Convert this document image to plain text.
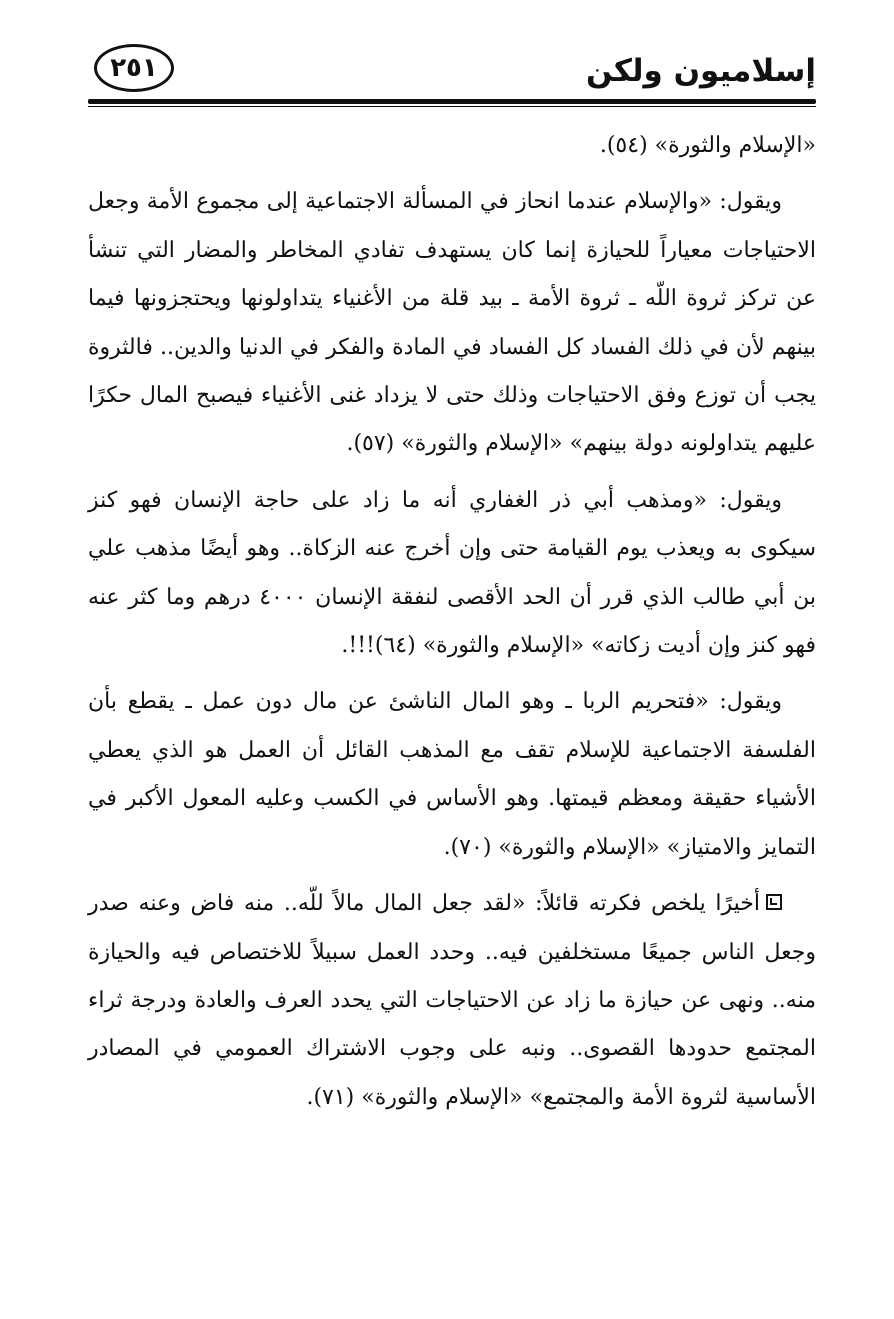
٢٥١	إسلاميون ولكن

«الإسلام والثورة» (٥٤).

ويقول: «والإسلام عندما انحاز في المسألة الاجتماعية إلى مجموع الأمة وجعل الاحتياجات معياراً للحيازة إنما كان يستهدف تفادي المخاطر والمضار التي تنشأ عن تركز ثروة اللّه ـ ثروة الأمة ـ بيد قلة من الأغنياء يتداولونها ويحتجزونها فيما بينهم لأن في ذلك الفساد كل الفساد في المادة والفكر في الدنيا والدين.. فالثروة يجب أن توزع وفق الاحتياجات وذلك حتى لا يزداد غنى الأغنياء فيصبح المال حكرًا عليهم يتداولونه دولة بينهم» «الإسلام والثورة» (٥٧).

ويقول: «ومذهب أبي ذر الغفاري أنه ما زاد على حاجة الإنسان فهو كنز سيكوى به ويعذب يوم القيامة حتى وإن أخرج عنه الزكاة.. وهو أيضًا مذهب علي بن أبي طالب الذي قرر أن الحد الأقصى لنفقة الإنسان ٤٠٠٠ درهم وما كثر عنه فهو كنز وإن أديت زكاته» «الإسلام والثورة» (٦٤)!!!.

ويقول: «فتحريم الربا ـ وهو المال الناشئ عن مال دون عمل ـ يقطع بأن الفلسفة الاجتماعية للإسلام تقف مع المذهب القائل أن العمل هو الذي يعطي الأشياء حقيقة ومعظم قيمتها. وهو الأساس في الكسب وعليه المعول الأكبر في التمايز والامتياز» «الإسلام والثورة» (٧٠).

أخيرًا يلخص فكرته قائلاً: «لقد جعل المال مالاً للّه.. منه فاض وعنه صدر وجعل الناس جميعًا مستخلفين فيه.. وحدد العمل سبيلاً للاختصاص فيه والحيازة منه.. ونهى عن حيازة ما زاد عن الاحتياجات التي يحدد العرف والعادة ودرجة ثراء المجتمع حدودها القصوى.. ونبه على وجوب الاشتراك العمومي في المصادر الأساسية لثروة الأمة والمجتمع» «الإسلام والثورة» (٧١).
